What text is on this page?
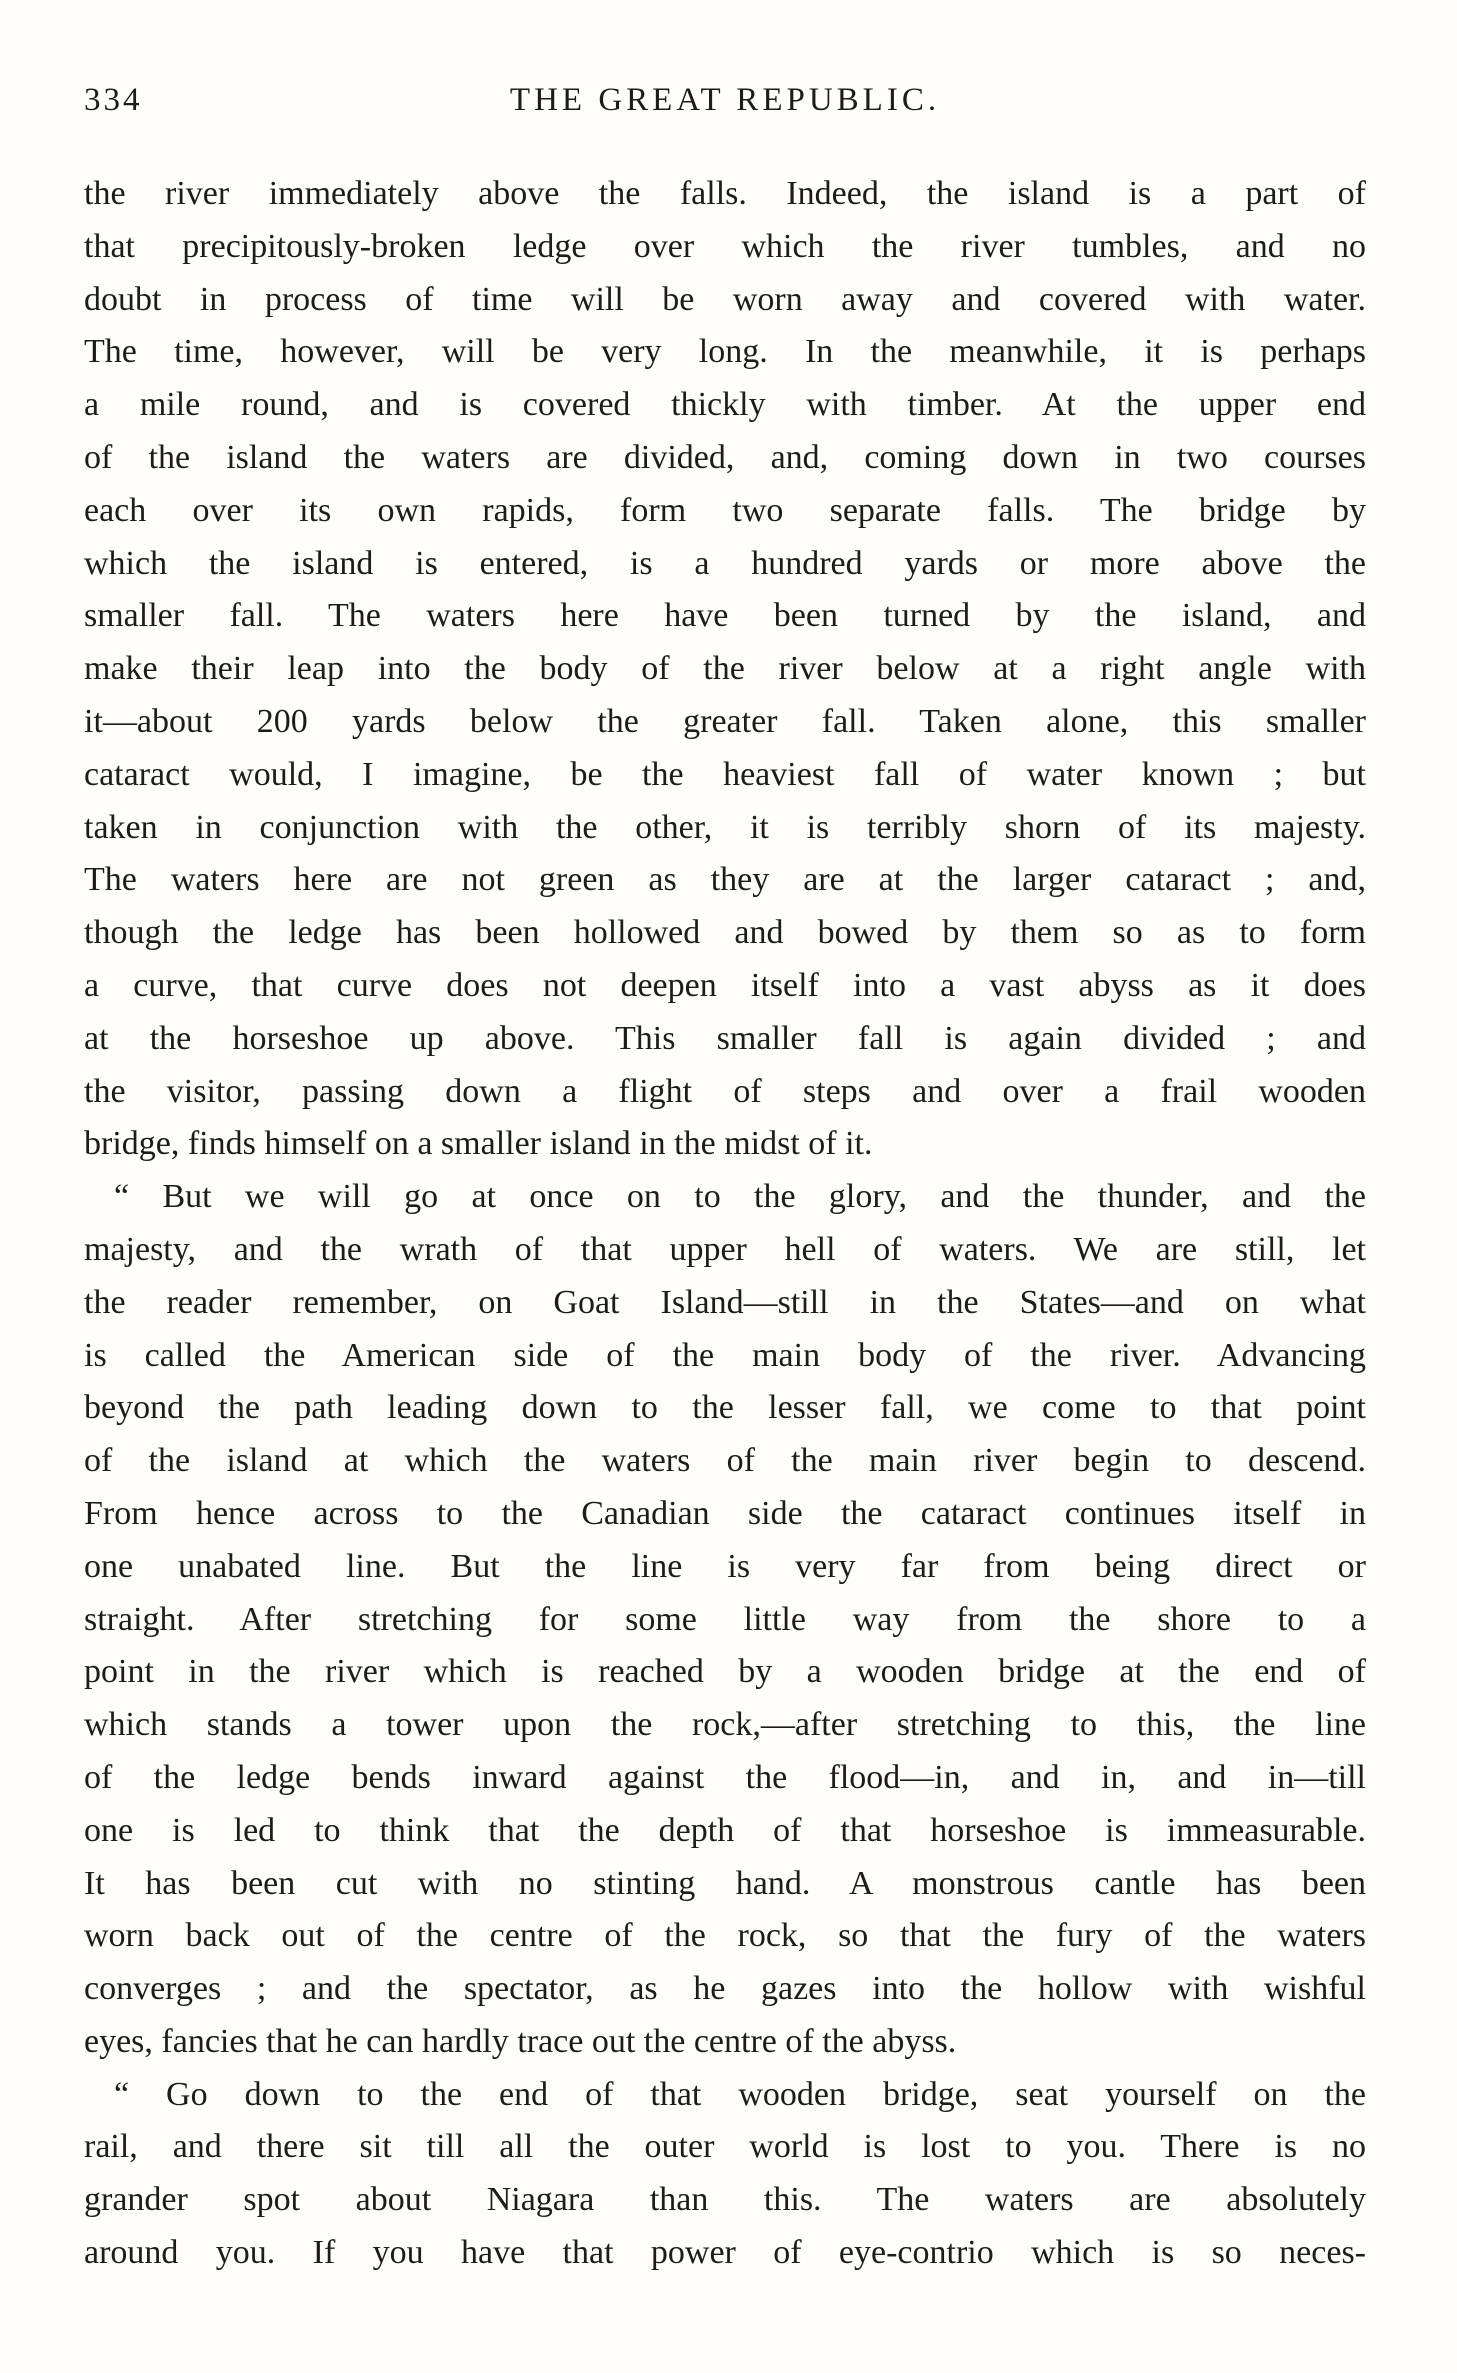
334	THE GREAT REPUBLIC.
the river immediately above the falls. Indeed, the island is a part of
that precipitously-broken ledge over which the river tumbles, and no
doubt in process of time will be worn away and covered with water.
The time, however, will be very long. In the meanwhile, it is perhaps
a mile round, and is covered thickly with timber. At the upper end
of the island the waters are divided, and, coming down in two courses
each over its own rapids, form two separate falls. The bridge by
which the island is entered, is a hundred yards or more above the
smaller fall. The waters here have been turned by the island, and
make their leap into the body of the river below at a right angle with
it—about 200 yards below the greater fall. Taken alone, this smaller
cataract would, I imagine, be the heaviest fall of water known ; but
taken in conjunction with the other, it is terribly shorn of its majesty.
The waters here are not green as they are at the larger cataract ; and,
though the ledge has been hollowed and bowed by them so as to form
a curve, that curve does not deepen itself into a vast abyss as it does
at the horseshoe up above. This smaller fall is again divided ; and
the visitor, passing down a flight of steps and over a frail wooden
bridge, finds himself on a smaller island in the midst of it.
“ But we will go at once on to the glory, and the thunder, and the
majesty, and the wrath of that upper hell of waters. We are still, let
the reader remember, on Goat Island—still in the States—and on what
is called the American side of the main body of the river. Advancing
beyond the path leading down to the lesser fall, we come to that point
of the island at which the waters of the main river begin to descend.
From hence across to the Canadian side the cataract continues itself in
one unabated line. But the line is very far from being direct or
straight. After stretching for some little way from the shore to a
point in the river which is reached by a wooden bridge at the end of
which stands a tower upon the rock,—after stretching to this, the line
of the ledge bends inward against the flood—in, and in, and in—till
one is led to think that the depth of that horseshoe is immeasurable.
It has been cut with no stinting hand. A monstrous cantle has been
worn back out of the centre of the rock, so that the fury of the waters
converges ; and the spectator, as he gazes into the hollow with wishful
eyes, fancies that he can hardly trace out the centre of the abyss.
“ Go down to the end of that wooden bridge, seat yourself on the
rail, and there sit till all the outer world is lost to you. There is no
grander spot about Niagara than this. The waters are absolutely
around you. If you have that power of eye-contrio which is so neces-
